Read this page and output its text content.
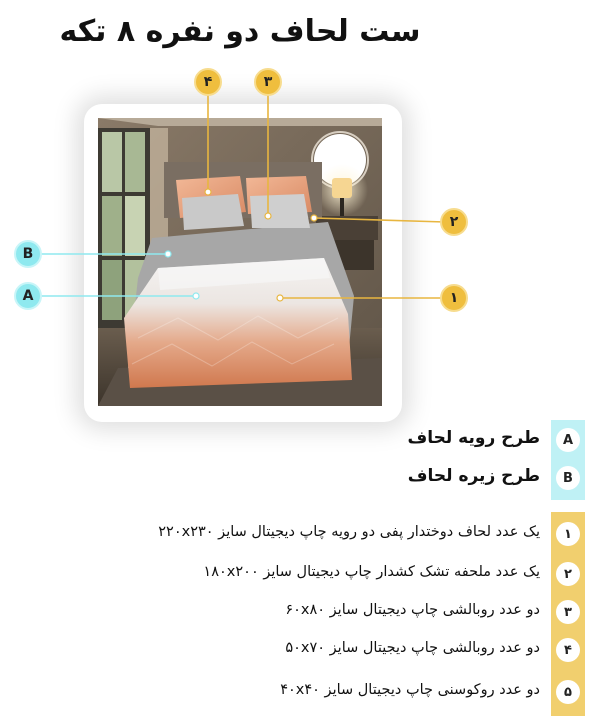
ست لحاف دو نفره ۸ تکه
۴	۳
۲
۱
B
A
A
طرح رویه لحاف
B
طرح زیره لحاف
۱
یک عدد لحاف دوختدار پفی دو رویه چاپ دیجیتال سایز ۲۲۰x۲۳۰
۲
یک عدد ملحفه تشک کشدار چاپ دیجیتال سایز ۱۸۰x۲۰۰
۳
دو عدد روبالشی چاپ دیجیتال سایز ۶۰x۸۰
۴
دو عدد روبالشی چاپ دیجیتال سایز ۵۰x۷۰
۵
دو عدد روکوسنی چاپ دیجیتال سایز ۴۰x۴۰
